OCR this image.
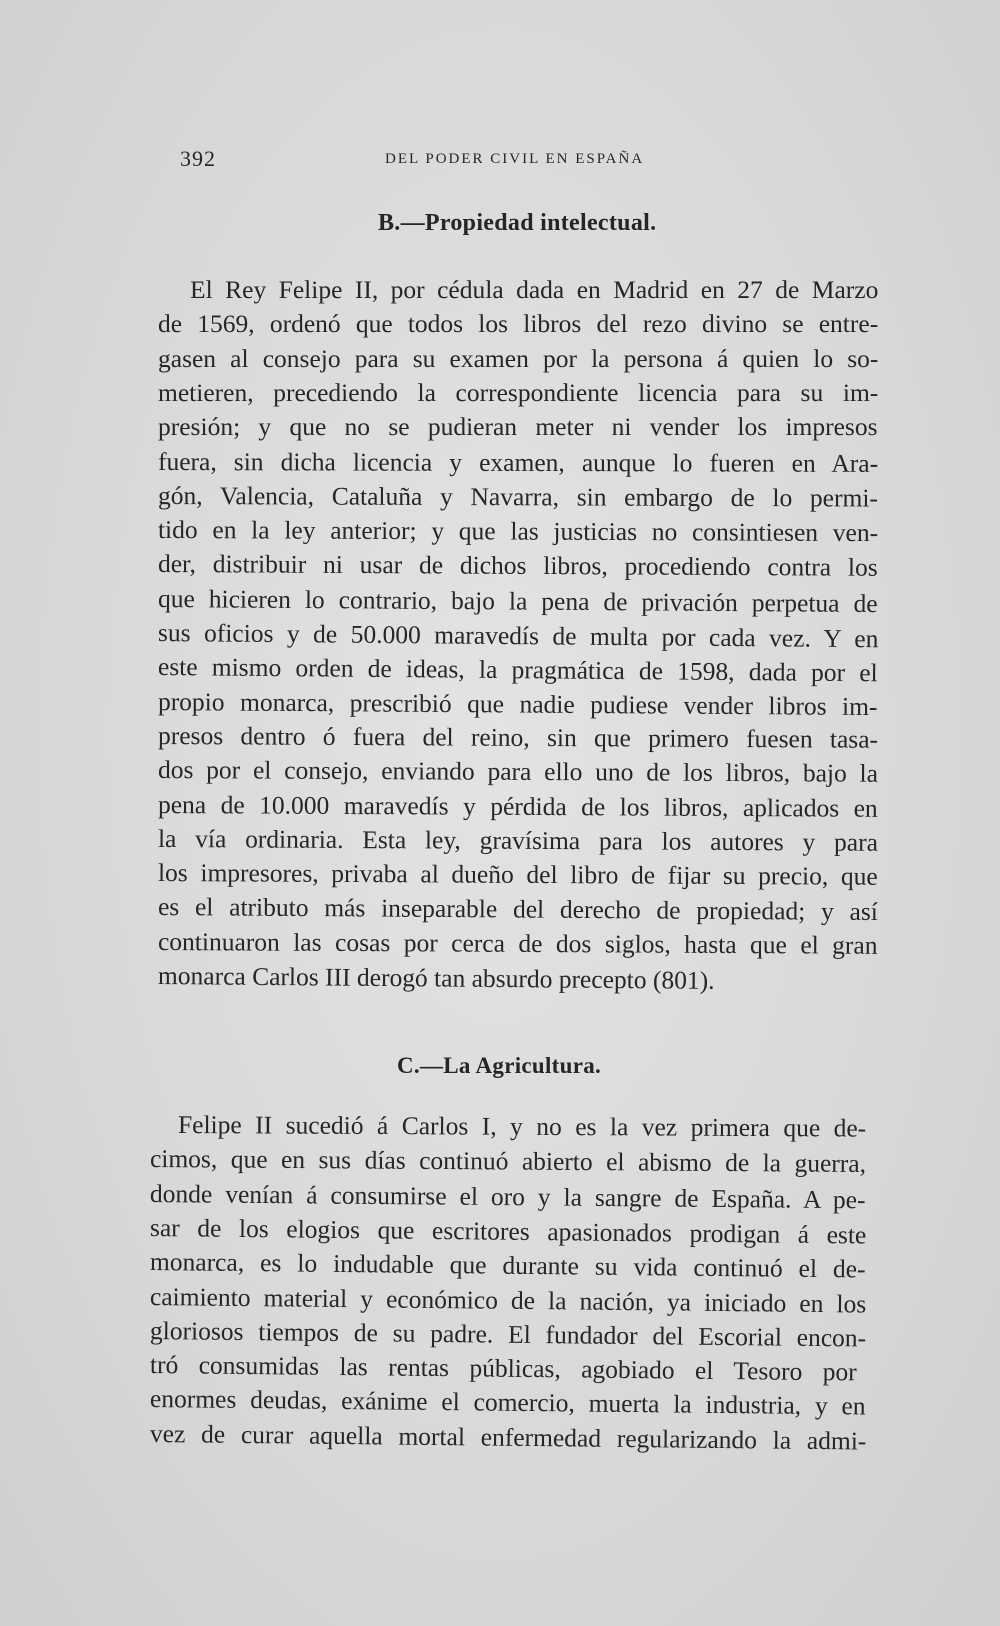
392	DEL PODER CIVIL EN ESPAÑA
B.—Propiedad intelectual.
El Rey Felipe II, por cédula dada en Madrid en 27 de Marzo
de 1569, ordenó que todos los libros del rezo divino se entre-
gasen al consejo para su examen por la persona á quien lo so-
metieren, precediendo la correspondiente licencia para su im-
presión; y que no se pudieran meter ni vender los impresos
fuera, sin dicha licencia y examen, aunque lo fueren en Ara-
gón, Valencia, Cataluña y Navarra, sin embargo de lo permi-
tido en la ley anterior; y que las justicias no consintiesen ven-
der, distribuir ni usar de dichos libros, procediendo contra los
que hicieren lo contrario, bajo la pena de privación perpetua de
sus oficios y de 50.000 maravedís de multa por cada vez. Y en
este mismo orden de ideas, la pragmática de 1598, dada por el
propio monarca, prescribió que nadie pudiese vender libros im-
presos dentro ó fuera del reino, sin que primero fuesen tasa-
dos por el consejo, enviando para ello uno de los libros, bajo la
pena de 10.000 maravedís y pérdida de los libros, aplicados en
la vía ordinaria. Esta ley, gravísima para los autores y para
los impresores, privaba al dueño del libro de fijar su precio, que
es el atributo más inseparable del derecho de propiedad; y así
continuaron las cosas por cerca de dos siglos, hasta que el gran
monarca Carlos III derogó tan absurdo precepto (801).
C.—La Agricultura.
Felipe II sucedió á Carlos I, y no es la vez primera que de-
cimos, que en sus días continuó abierto el abismo de la guerra,
donde venían á consumirse el oro y la sangre de España. A pe-
sar de los elogios que escritores apasionados prodigan á este
monarca, es lo indudable que durante su vida continuó el de-
caimiento material y económico de la nación, ya iniciado en los
gloriosos tiempos de su padre. El fundador del Escorial encon-
tró consumidas las rentas públicas, agobiado el Tesoro por
enormes deudas, exánime el comercio, muerta la industria, y en
vez de curar aquella mortal enfermedad regularizando la admi-
